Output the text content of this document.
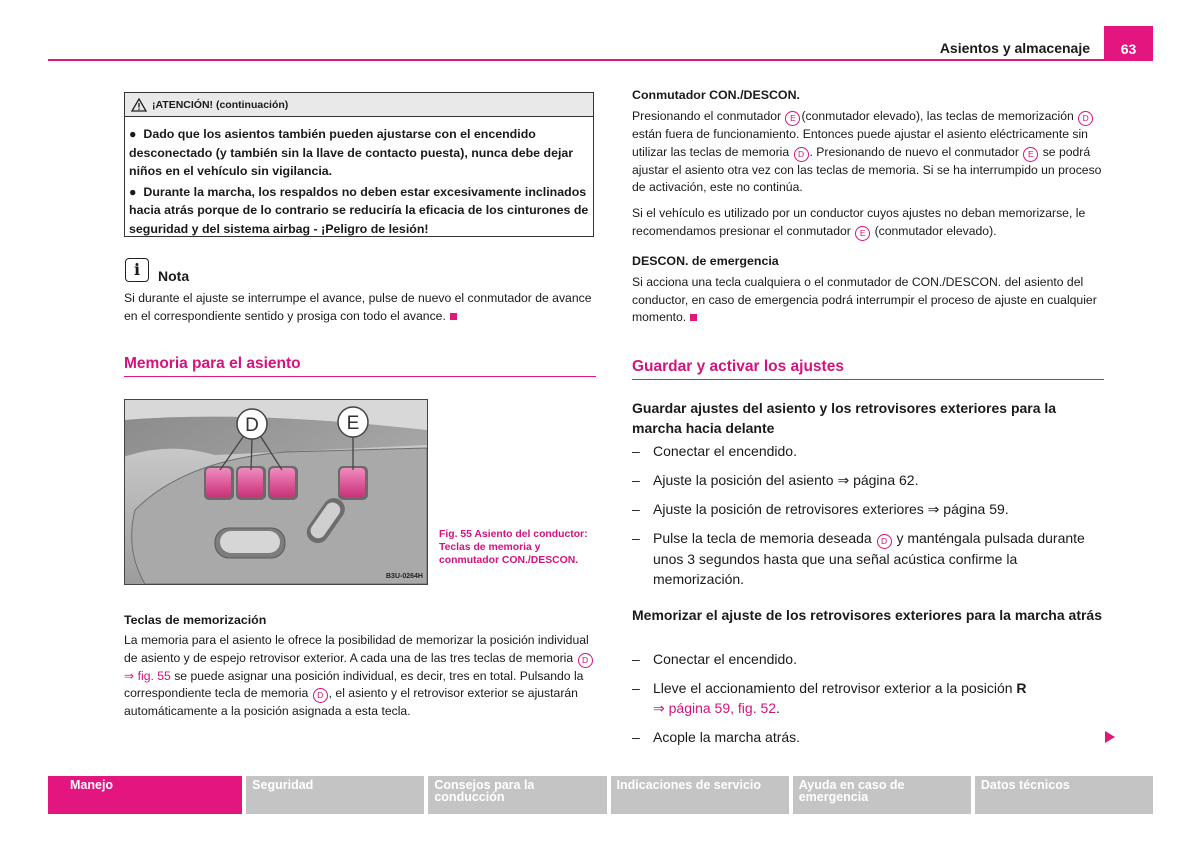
Asientos y almacenaje	63
¡ATENCIÓN! (continuación)

●  Dado que los asientos también pueden ajustarse con el encendido desconectado (y también sin la llave de contacto puesta), nunca debe dejar niños en el vehículo sin vigilancia.

●  Durante la marcha, los respaldos no deben estar excesivamente inclinados hacia atrás porque de lo contrario se reduciría la eficacia de los cinturones de seguridad y del sistema airbag - ¡Peligro de lesión!

i	Nota
Si durante el ajuste se interrumpe el avance, pulse de nuevo el conmutador de avance en el correspondiente sentido y prosiga con todo el avance.
Memoria para el asiento
D	E
B3U-0264H
Fig. 55 Asiento del conductor: Teclas de memoria y conmutador CON./DESCON.
Teclas de memorización
La memoria para el asiento le ofrece la posibilidad de memorizar la posición individual de asiento y de espejo retrovisor exterior. A cada una de las tres teclas de memoria D⇒ fig. 55 se puede asignar una posición individual, es decir, tres en total. Pulsando la correspondiente tecla de memoria D , el asiento y el retrovisor exterior se ajustarán automáticamente a la posición asignada a esta tecla.
Conmutador CON./DESCON.
Presionando el conmutador E (conmutador elevado), las teclas de memorización D están fuera de funcionamiento. Entonces puede ajustar el asiento eléctricamente sin utilizar las teclas de memoria D . Presionando de nuevo el conmutador E se podrá ajustar el asiento otra vez con las teclas de memoria. Si se ha interrumpido un proceso de activación, este no continúa.
Si el vehículo es utilizado por un conductor cuyos ajustes no deban memorizarse, le recomendamos presionar el conmutador E (conmutador elevado).
DESCON. de emergencia
Si acciona una tecla cualquiera o el conmutador de CON./DESCON. del asiento del conductor, en caso de emergencia podrá interrumpir el proceso de ajuste en cualquier momento.
Guardar y activar los ajustes
Guardar ajustes del asiento y los retrovisores exteriores para la marcha hacia delante
– Conectar el encendido.
– Ajuste la posición del asiento ⇒ página 62.
– Ajuste la posición de retrovisores exteriores ⇒ página 59.
– Pulse la tecla de memoria deseada D y manténgala pulsada durante unos 3 segundos hasta que una señal acústica confirme la memorización.
Memorizar el ajuste de los retrovisores exteriores para la marcha atrás
– Conectar el encendido.
– Lleve el accionamiento del retrovisor exterior a la posición R
⇒ página 59, fig. 52.
– Acople la marcha atrás.
Manejo	Seguridad	Consejos para la conducción
Indicaciones de servicio	Ayuda en caso de emergencia
Datos técnicos
